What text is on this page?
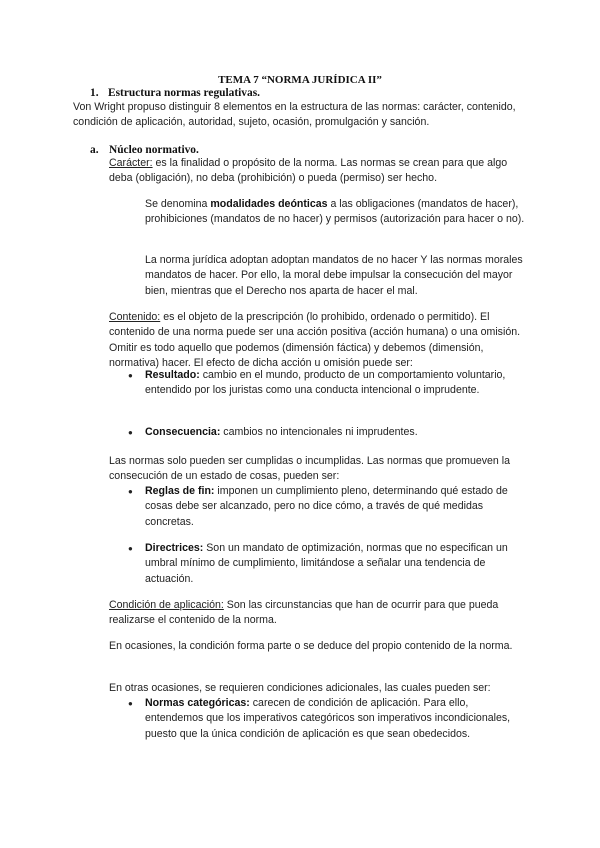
TEMA 7 “NORMA JURÍDICA II”
1. Estructura normas regulativas.
Von Wright propuso distinguir 8 elementos en la estructura de las normas: carácter, contenido, condición de aplicación, autoridad, sujeto, ocasión, promulgación y sanción.
a. Núcleo normativo.
Carácter: es la finalidad o propósito de la norma. Las normas se crean para que algo deba (obligación), no deba (prohibición) o pueda (permiso) ser hecho.
Se denomina modalidades deónticas a las obligaciones (mandatos de hacer), prohibiciones (mandatos de no hacer) y permisos (autorización para hacer o no).
La norma jurídica adoptan adoptan mandatos de no hacer Y las normas morales mandatos de hacer. Por ello, la moral debe impulsar la consecución del mayor bien, mientras que el Derecho nos aparta de hacer el mal.
Contenido: es el objeto de la prescripción (lo prohibido, ordenado o permitido). El contenido de una norma puede ser una acción positiva (acción humana) o una omisión. Omitir es todo aquello que podemos (dimensión fáctica) y debemos (dimensión, normativa) hacer. El efecto de dicha acción u omisión puede ser:
● Resultado: cambio en el mundo, producto de un comportamiento voluntario, entendido por los juristas como una conducta intencional o imprudente.
● Consecuencia: cambios no intencionales ni imprudentes.
Las normas solo pueden ser cumplidas o incumplidas. Las normas que promueven la consecución de un estado de cosas, pueden ser:
● Reglas de fin: imponen un cumplimiento pleno, determinando qué estado de cosas debe ser alcanzado, pero no dice cómo, a través de qué medidas concretas.
● Directrices: Son un mandato de optimización, normas que no especifican un umbral mínimo de cumplimiento, limitándose a señalar una tendencia de actuación.
Condición de aplicación: Son las circunstancias que han de ocurrir para que pueda realizarse el contenido de la norma.
En ocasiones, la condición forma parte o se deduce del propio contenido de la norma.
En otras ocasiones, se requieren condiciones adicionales, las cuales pueden ser:
● Normas categóricas: carecen de condición de aplicación. Para ello, entendemos que los imperativos categóricos son imperativos incondicionales, puesto que la única condición de aplicación es que sean obedecidos.
